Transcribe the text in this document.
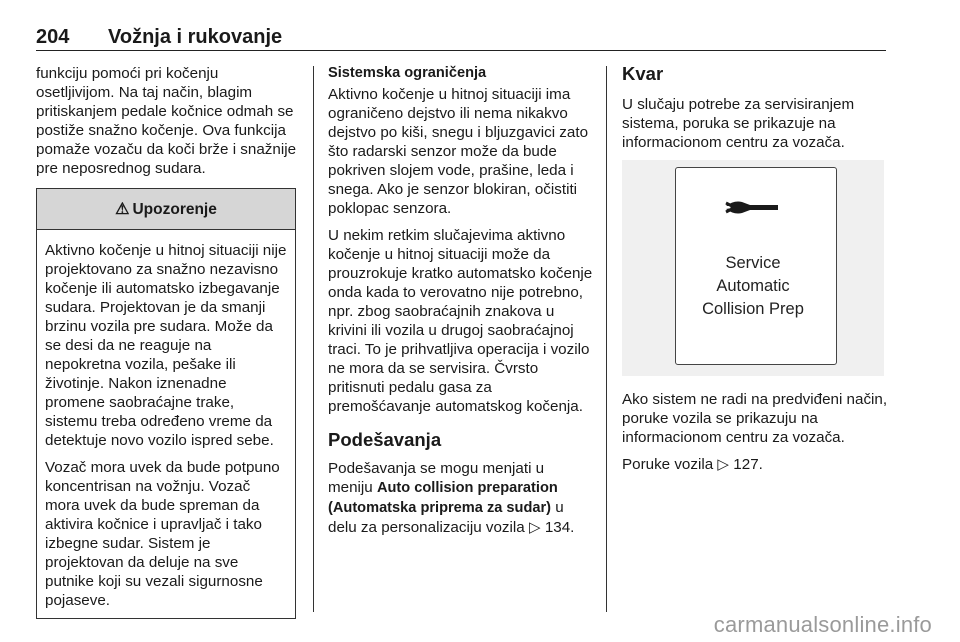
204 Vožnja i rukovanje

funkciju pomoći pri kočenju osetljivijom. Na taj način, blagim pritiskanjem pedale kočnice odmah se postiže snažno kočenje. Ova funkcija pomaže vozaču da koči brže i snažnije pre neposrednog sudara.

⚠ Upozorenje

Aktivno kočenje u hitnoj situaciji nije projektovano za snažno nezavisno kočenje ili automatsko izbegavanje sudara. Projektovan je da smanji brzinu vozila pre sudara. Može da se desi da ne reaguje na nepokretna vozila, pešake ili životinje. Nakon iznenadne promene saobraćajne trake, sistemu treba određeno vreme da detektuje novo vozilo ispred sebe.

Vozač mora uvek da bude potpuno koncentrisan na vožnju. Vozač mora uvek da bude spreman da aktivira kočnice i upravljač i tako izbegne sudar. Sistem je projektovan da deluje na sve putnike koji su vezali sigurnosne pojaseve.

Sistemska ograničenja

Aktivno kočenje u hitnoj situaciji ima ograničeno dejstvo ili nema nikakvo dejstvo po kiši, snegu i bljuzgavici zato što radarski senzor može da bude pokriven slojem vode, prašine, leda i snega. Ako je senzor blokiran, očistiti poklopac senzora.

U nekim retkim slučajevima aktivno kočenje u hitnoj situaciji može da prouzrokuje kratko automatsko kočenje onda kada to verovatno nije potrebno, npr. zbog saobraćajnih znakova u krivini ili vozila u drugoj saobraćajnoj traci. To je prihvatljiva operacija i vozilo ne mora da se servisira. Čvrsto pritisnuti pedalu gasa za premošćavanje automatskog kočenja.

Podešavanja

Podešavanja se mogu menjati u meniju Auto collision preparation (Automatska priprema za sudar) u delu za personalizaciju vozila ▷ 134.

Kvar

U slučaju potrebe za servisiranjem sistema, poruka se prikazuje na informacionom centru za vozača.

Service
Automatic
Collision Prep

Ako sistem ne radi na predviđeni način, poruke vozila se prikazuju na informacionom centru za vozača.

Poruke vozila ▷ 127.

carmanualsonline.info
